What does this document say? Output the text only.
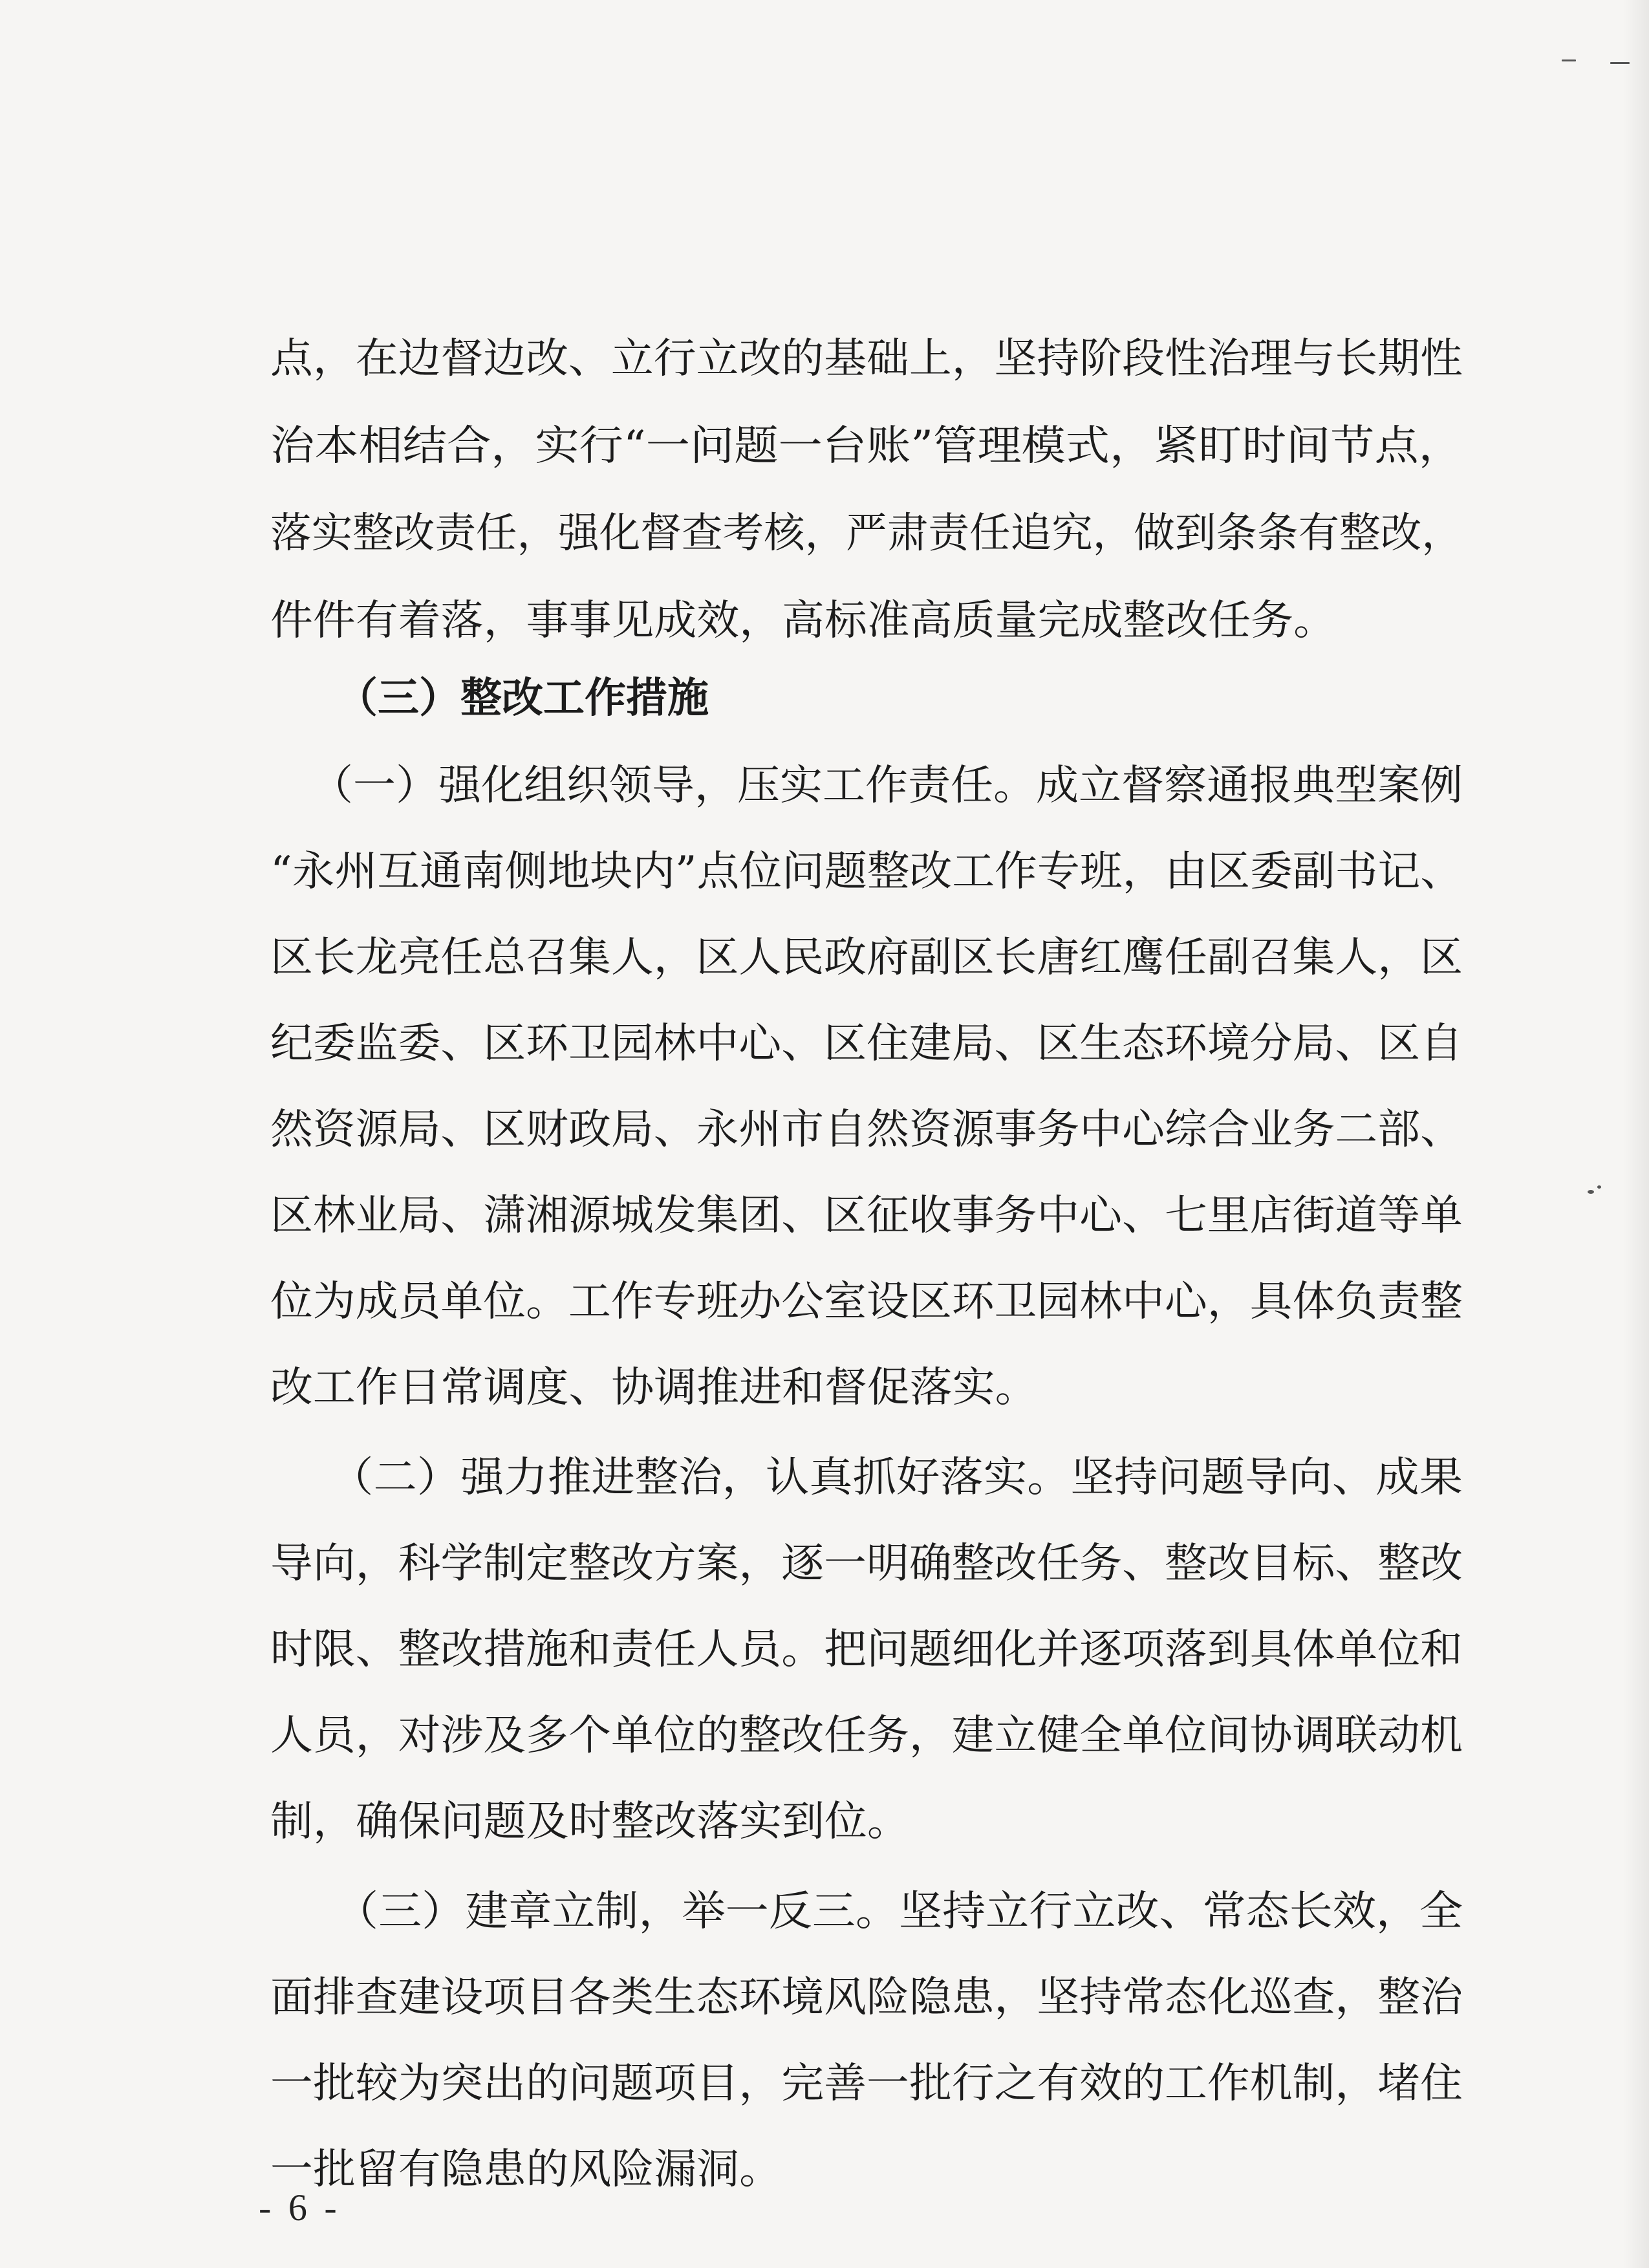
点，在边督边改、立行立改的基础上，坚持阶段性治理与长期性
治本相结合，实行“一问题一台账”管理模式，紧盯时间节点，
落实整改责任，强化督查考核，严肃责任追究，做到条条有整改，
件件有着落，事事见成效，高标准高质量完成整改任务。
（三）整改工作措施
（一）强化组织领导，压实工作责任。成立督察通报典型案例
“永州互通南侧地块内”点位问题整改工作专班，由区委副书记、
区长龙亮任总召集人，区人民政府副区长唐红鹰任副召集人，区
纪委监委、区环卫园林中心、区住建局、区生态环境分局、区自
然资源局、区财政局、永州市自然资源事务中心综合业务二部、
区林业局、潇湘源城发集团、区征收事务中心、七里店街道等单
位为成员单位。工作专班办公室设区环卫园林中心，具体负责整
改工作日常调度、协调推进和督促落实。
（二）强力推进整治，认真抓好落实。坚持问题导向、成果
导向，科学制定整改方案，逐一明确整改任务、整改目标、整改
时限、整改措施和责任人员。把问题细化并逐项落到具体单位和
人员，对涉及多个单位的整改任务，建立健全单位间协调联动机
制，确保问题及时整改落实到位。
（三）建章立制，举一反三。坚持立行立改、常态长效，全
面排查建设项目各类生态环境风险隐患，坚持常态化巡查，整治
一批较为突出的问题项目，完善一批行之有效的工作机制，堵住
一批留有隐患的风险漏洞。
- 6 -
